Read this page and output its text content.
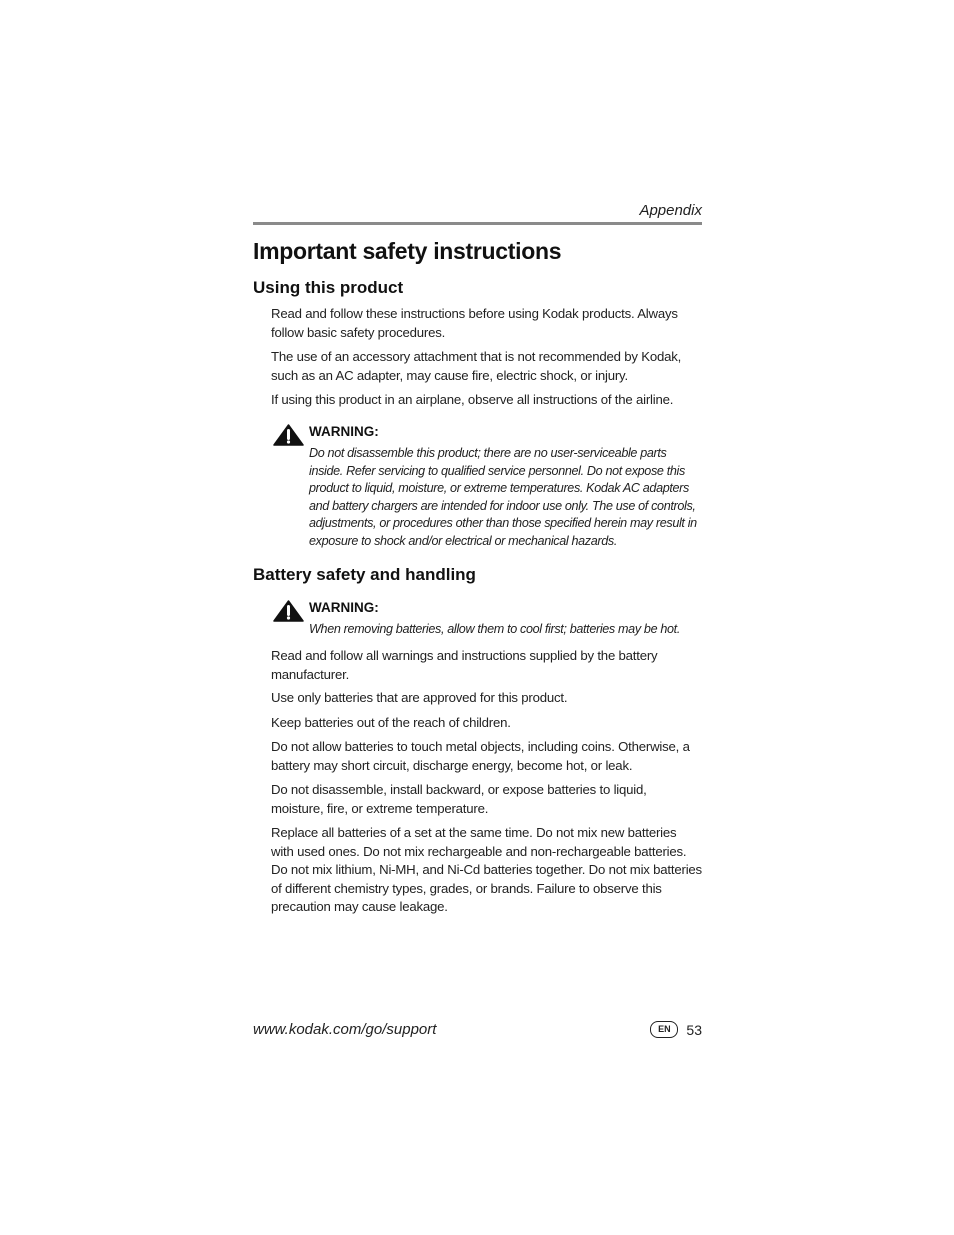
Appendix
Important safety instructions
Using this product

Read and follow these instructions before using Kodak products. Always follow basic safety procedures.

The use of an accessory attachment that is not recommended by Kodak, such as an AC adapter, may cause fire, electric shock, or injury.

If using this product in an airplane, observe all instructions of the airline.

WARNING:

Do not disassemble this product; there are no user-serviceable parts inside. Refer servicing to qualified service personnel. Do not expose this product to liquid, moisture, or extreme temperatures. Kodak AC adapters and battery chargers are intended for indoor use only. The use of controls, adjustments, or procedures other than those specified herein may result in exposure to shock and/or electrical or mechanical hazards.

Battery safety and handling
WARNING:

When removing batteries, allow them to cool first; batteries may be hot.

Read and follow all warnings and instructions supplied by the battery manufacturer.

Use only batteries that are approved for this product.

Keep batteries out of the reach of children.

Do not allow batteries to touch metal objects, including coins. Otherwise, a battery may short circuit, discharge energy, become hot, or leak.

Do not disassemble, install backward, or expose batteries to liquid, moisture, fire, or extreme temperature.

Replace all batteries of a set at the same time. Do not mix new batteries with used ones. Do not mix rechargeable and non-rechargeable batteries. Do not mix lithium, Ni-MH, and Ni-Cd batteries together. Do not mix batteries of different chemistry types, grades, or brands. Failure to observe this precaution may cause leakage.

www.kodak.com/go/support	EN	53
